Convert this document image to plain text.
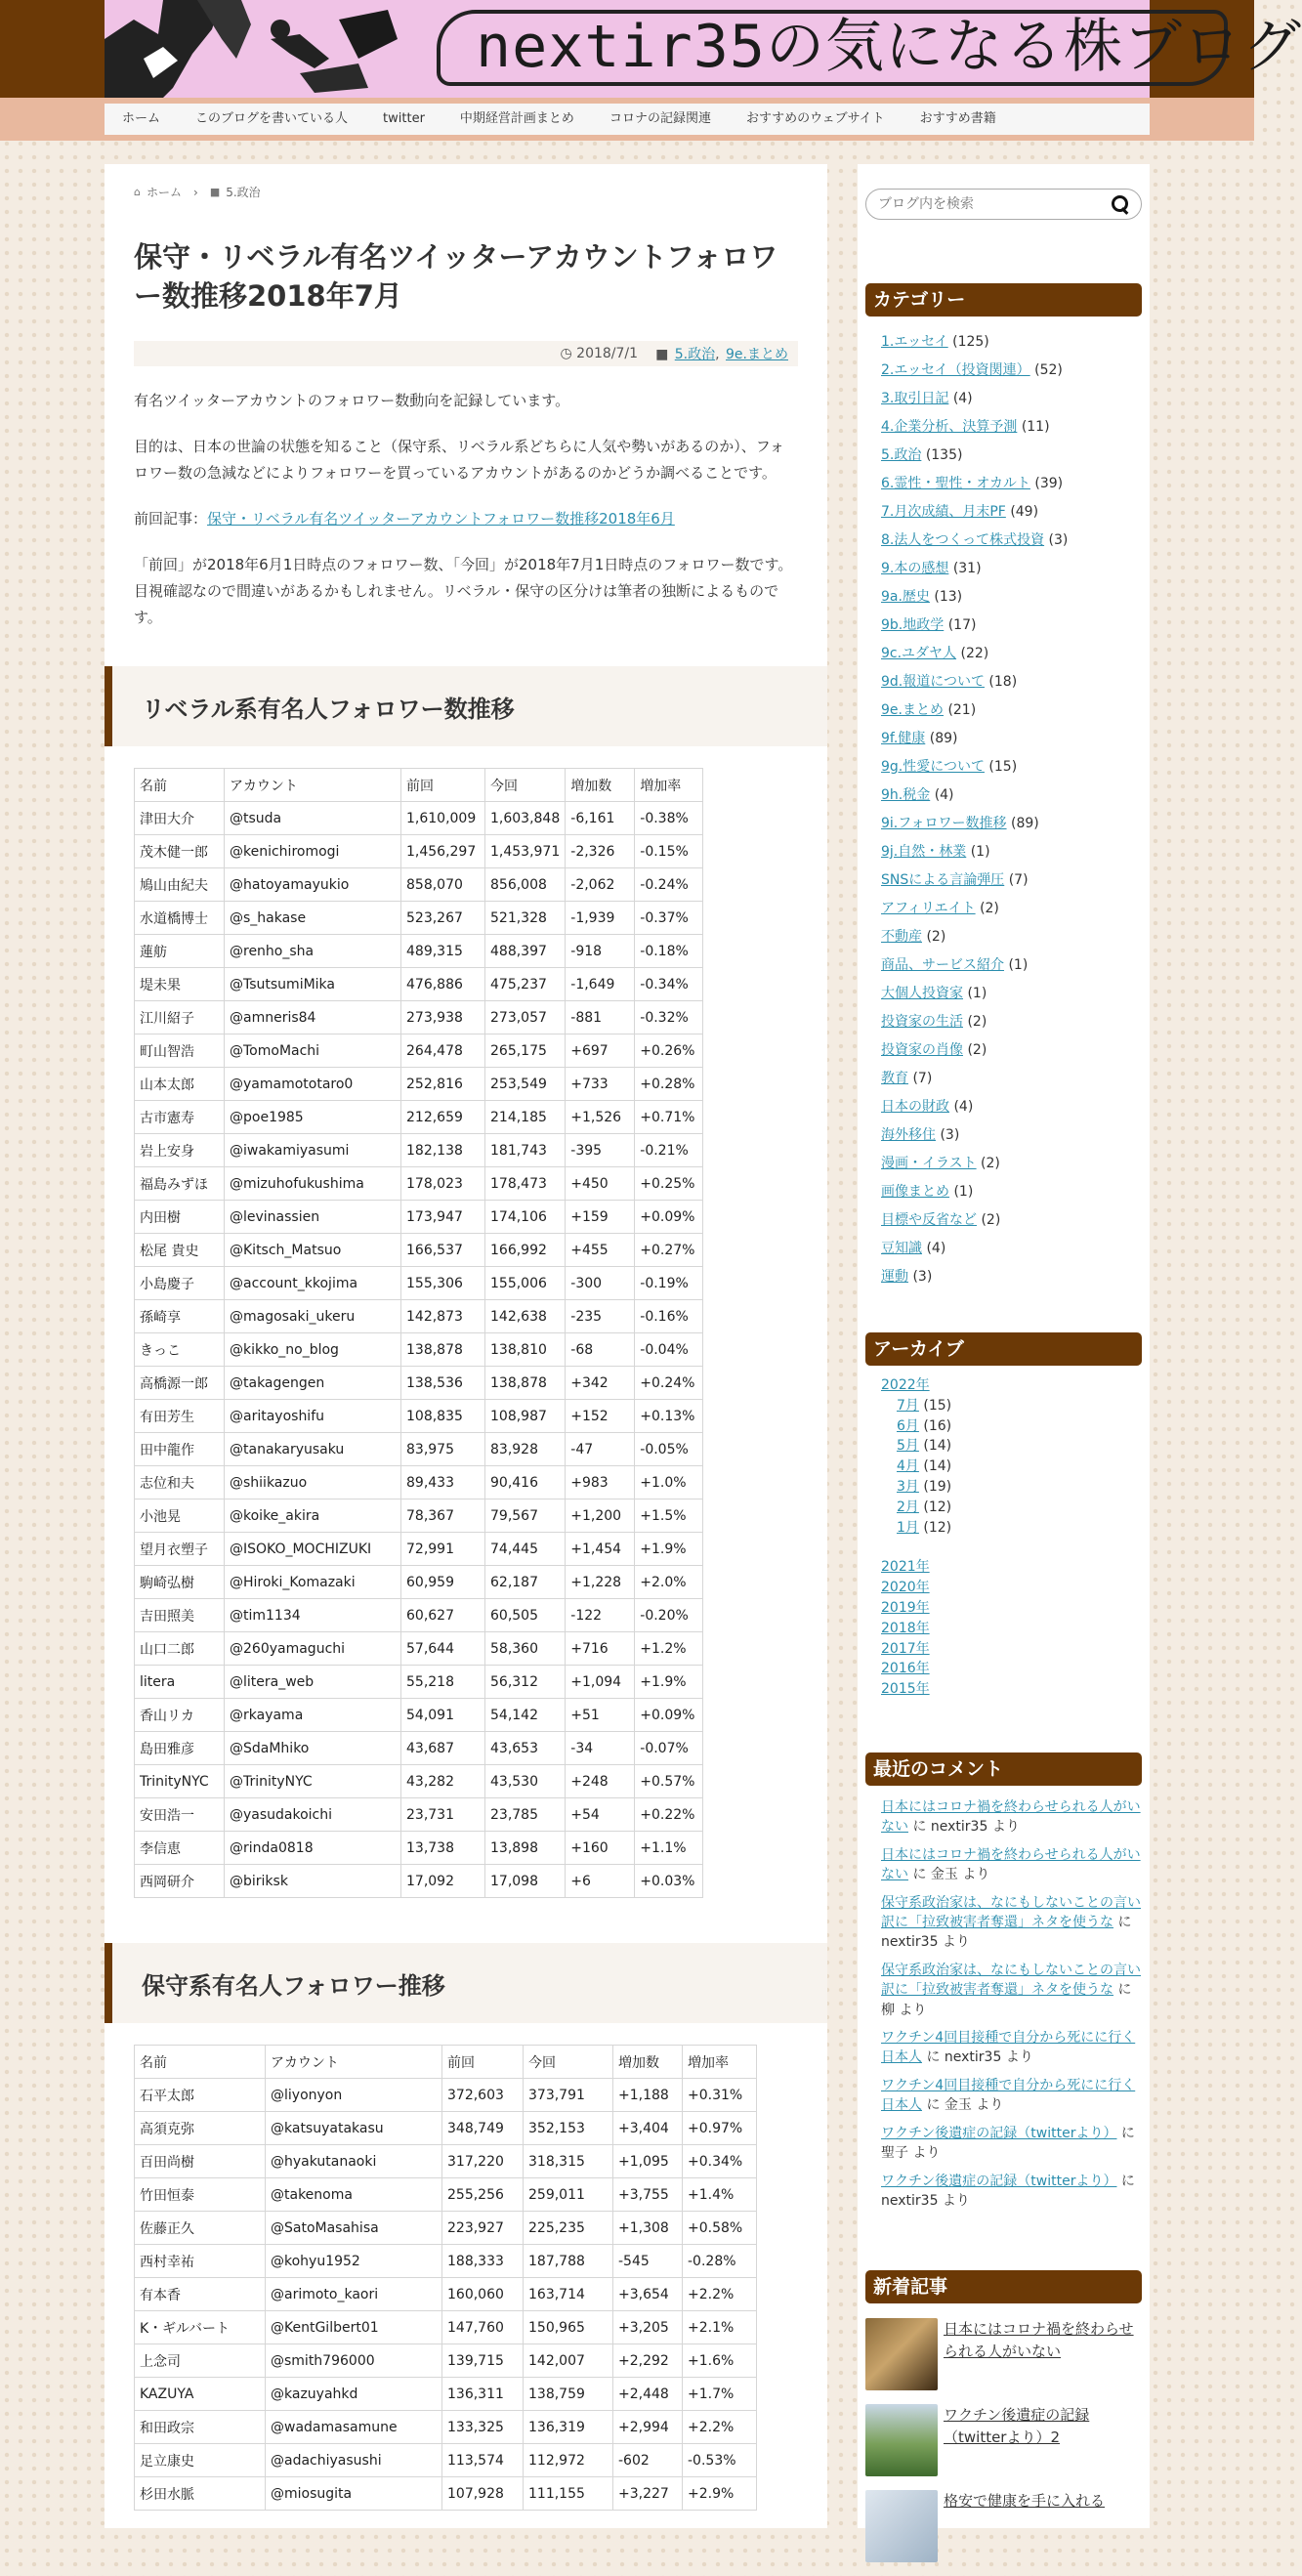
nextir35の気になる株ブログ
ホーム	このブログを書いている人	twitter	中期経営計画まとめ	コロナの記録関連	おすすめのウェブサイト	おすすめ書籍
⌂ ホーム	›	■ 5.政治
保守・リベラル有名ツイッターアカウントフォロワー数推移2018年7月
◷ 2018/7/1 ■ 5.政治, 9e.まとめ

有名ツイッターアカウントのフォロワー数動向を記録しています。

目的は、日本の世論の状態を知ること（保守系、リベラル系どちらに人気や勢いがあるのか）、フォロワー数の急減などによりフォロワーを買っているアカウントがあるのかどうか調べることです。

前回記事：保守・リベラル有名ツイッターアカウントフォロワー数推移2018年6月

「前回」が2018年6月1日時点のフォロワー数、「今回」が2018年7月1日時点のフォロワー数です。目視確認なので間違いがあるかもしれません。リベラル・保守の区分けは筆者の独断によるものです。

リベラル系有名人フォロワー数推移
名前	アカウント	前回	今回	増加数	増加率
津田大介	@tsuda	1,610,009	1,603,848	-6,161	-0.38%
茂木健一郎	@kenichiromogi	1,456,297	1,453,971	-2,326	-0.15%
鳩山由紀夫	@hatoyamayukio	858,070	856,008	-2,062	-0.24%
水道橋博士	@s_hakase	523,267	521,328	-1,939	-0.37%
蓮舫	@renho_sha	489,315	488,397	-918	-0.18%
堤未果	@TsutsumiMika	476,886	475,237	-1,649	-0.34%
江川紹子	@amneris84	273,938	273,057	-881	-0.32%
町山智浩	@TomoMachi	264,478	265,175	+697	+0.26%
山本太郎	@yamamototaro0	252,816	253,549	+733	+0.28%
古市憲寿	@poe1985	212,659	214,185	+1,526	+0.71%
岩上安身	@iwakamiyasumi	182,138	181,743	-395	-0.21%
福島みずほ	@mizuhofukushima	178,023	178,473	+450	+0.25%
内田樹	@levinassien	173,947	174,106	+159	+0.09%
松尾 貴史	@Kitsch_Matsuo	166,537	166,992	+455	+0.27%
小島慶子	@account_kkojima	155,306	155,006	-300	-0.19%
孫崎享	@magosaki_ukeru	142,873	142,638	-235	-0.16%
きっこ	@kikko_no_blog	138,878	138,810	-68	-0.04%
高橋源一郎	@takagengen	138,536	138,878	+342	+0.24%
有田芳生	@aritayoshifu	108,835	108,987	+152	+0.13%
田中龍作	@tanakaryusaku	83,975	83,928	-47	-0.05%
志位和夫	@shiikazuo	89,433	90,416	+983	+1.0%
小池晃	@koike_akira	78,367	79,567	+1,200	+1.5%
望月衣塑子	@ISOKO_MOCHIZUKI	72,991	74,445	+1,454	+1.9%
駒崎弘樹	@Hiroki_Komazaki	60,959	62,187	+1,228	+2.0%
吉田照美	@tim1134	60,627	60,505	-122	-0.20%
山口二郎	@260yamaguchi	57,644	58,360	+716	+1.2%
litera	@litera_web	55,218	56,312	+1,094	+1.9%
香山リカ	@rkayama	54,091	54,142	+51	+0.09%
島田雅彦	@SdaMhiko	43,687	43,653	-34	-0.07%
TrinityNYC	@TrinityNYC	43,282	43,530	+248	+0.57%
安田浩一	@yasudakoichi	23,731	23,785	+54	+0.22%
李信恵	@rinda0818	13,738	13,898	+160	+1.1%
西岡研介	@biriksk	17,092	17,098	+6	+0.03%
保守系有名人フォロワー推移
名前	アカウント	前回	今回	増加数	増加率
石平太郎	@liyonyon	372,603	373,791	+1,188	+0.31%
高須克弥	@katsuyatakasu	348,749	352,153	+3,404	+0.97%
百田尚樹	@hyakutanaoki	317,220	318,315	+1,095	+0.34%
竹田恒泰	@takenoma	255,256	259,011	+3,755	+1.4%
佐藤正久	@SatoMasahisa	223,927	225,235	+1,308	+0.58%
西村幸祐	@kohyu1952	188,333	187,788	-545	-0.28%
有本香	@arimoto_kaori	160,060	163,714	+3,654	+2.2%
K・ギルバート	@KentGilbert01	147,760	150,965	+3,205	+2.1%
上念司	@smith796000	139,715	142,007	+2,292	+1.6%
KAZUYA	@kazuyahkd	136,311	138,759	+2,448	+1.7%
和田政宗	@wadamasamune	133,325	136,319	+2,994	+2.2%
足立康史	@adachiyasushi	113,574	112,972	-602	-0.53%
杉田水脈	@miosugita	107,928	111,155	+3,227	+2.9%
ブログ内を検索
カテゴリー
1.エッセイ (125)
2.エッセイ（投資関連） (52)
3.取引日記 (4)
4.企業分析、決算予測 (11)
5.政治 (135)
6.霊性・聖性・オカルト (39)
7.月次成績、月末PF (49)
8.法人をつくって株式投資 (3)
9.本の感想 (31)
9a.歴史 (13)
9b.地政学 (17)
9c.ユダヤ人 (22)
9d.報道について (18)
9e.まとめ (21)
9f.健康 (89)
9g.性愛について (15)
9h.税金 (4)
9i.フォロワー数推移 (89)
9j.自然・林業 (1)
SNSによる言論弾圧 (7)
アフィリエイト (2)
不動産 (2)
商品、サービス紹介 (1)
大個人投資家 (1)
投資家の生活 (2)
投資家の肖像 (2)
教育 (7)
日本の財政 (4)
海外移住 (3)
漫画・イラスト (2)
画像まとめ (1)
目標や反省など (2)
豆知識 (4)
運動 (3)
アーカイブ
2022年
7月 (15)
6月 (16)
5月 (14)
4月 (14)
3月 (19)
2月 (12)
1月 (12)
2021年
2020年
2019年
2018年
2017年
2016年
2015年
最近のコメント
日本にはコロナ禍を終わらせられる人がいない に nextir35 より
日本にはコロナ禍を終わらせられる人がいない に 金玉 より
保守系政治家は、なにもしないことの言い訳に「拉致被害者奪還」ネタを使うな に nextir35 より
保守系政治家は、なにもしないことの言い訳に「拉致被害者奪還」ネタを使うな に 柳 より
ワクチン4回目接種で自分から死にに行く日本人 に nextir35 より
ワクチン4回目接種で自分から死にに行く日本人 に 金玉 より
ワクチン後遺症の記録（twitterより） に 聖子 より
ワクチン後遺症の記録（twitterより） に nextir35 より
新着記事
日本にはコロナ禍を終わらせられる人がいない
ワクチン後遺症の記録（twitterより）2
格安で健康を手に入れる
